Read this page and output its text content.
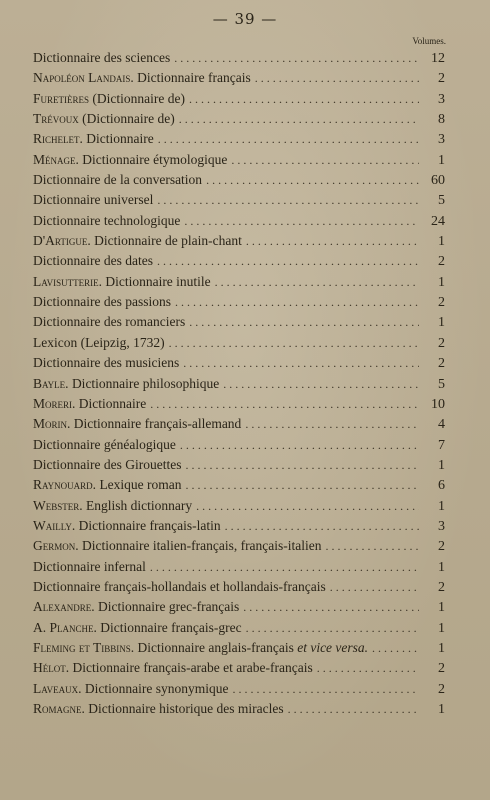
— 39 —
Volumes.
Dictionnaire des sciences .....	12
Napoléon Landais. Dictionnaire français .....	2
Furetières (Dictionnaire de) .....	3
Trévoux (Dictionnaire de) .....	8
Richelet. Dictionnaire .....	3
Ménage. Dictionnaire étymologique .....	1
Dictionnaire de la conversation .....	60
Dictionnaire universel .....	5
Dictionnaire technologique .....	24
D'Artigue. Dictionnaire de plain-chant .....	1
Dictionnaire des dates .....	2
Lavisutterie. Dictionnaire inutile .....	1
Dictionnaire des passions .....	2
Dictionnaire des romanciers .....	1
Lexicon (Leipzig, 1732) .....	2
Dictionnaire des musiciens .....	2
Bayle. Dictionnaire philosophique .....	5
Moreri. Dictionnaire .....	10
Morin. Dictionnaire français-allemand .....	4
Dictionnaire généalogique .....	7
Dictionnaire des Girouettes .....	1
Raynouard. Lexique roman .....	6
Webster. English dictionnary .....	1
Wailly. Dictionnaire français-latin .....	3
Germon. Dictionnaire italien-français, français-italien .....	2
Dictionnaire infernal .....	1
Dictionnaire français-hollandais et hollandais-français .....	2
Alexandre. Dictionnaire grec-français .....	1
A. Planche. Dictionnaire français-grec .....	1
Fleming et Tibbins. Dictionnaire anglais-français et vice versa. .....	1
Hélot. Dictionnaire français-arabe et arabe-français .....	2
Laveaux. Dictionnaire synonymique .....	2
Romagne. Dictionnaire historique des miracles .....	1
